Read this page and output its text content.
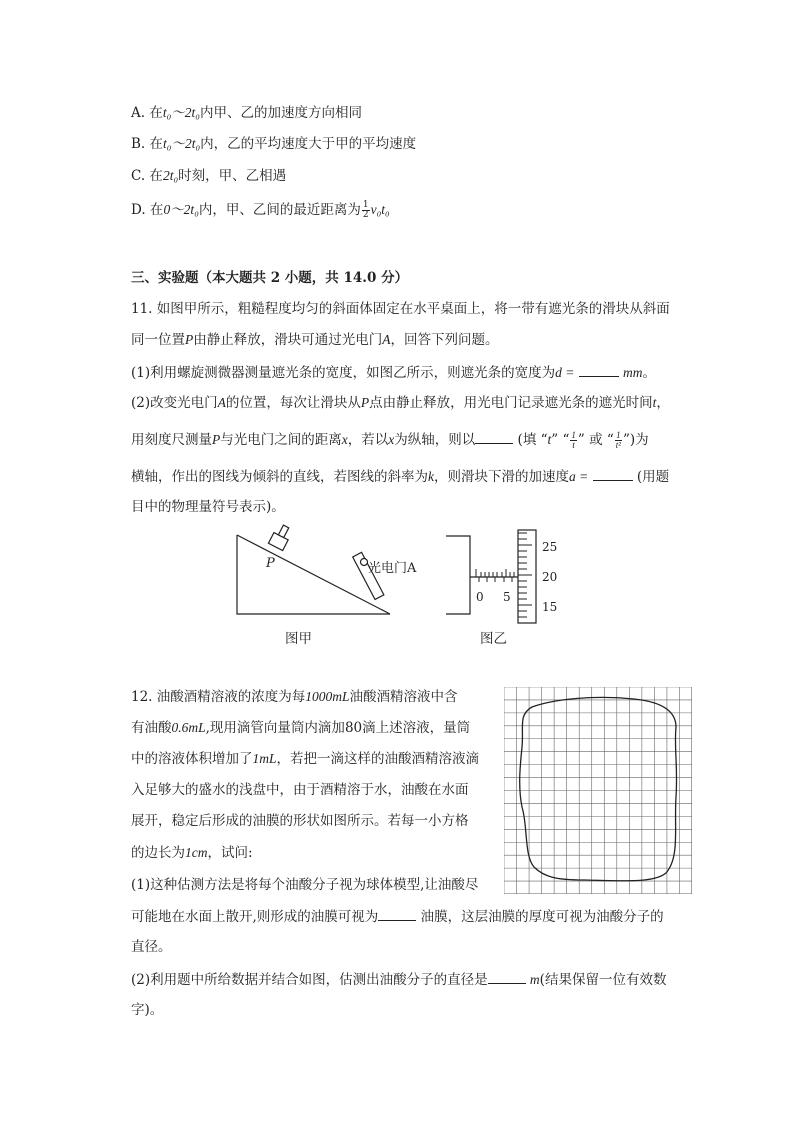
A. 在t₀～2t₀内甲、乙的加速度方向相同
B. 在t₀～2t₀内，乙的平均速度大于甲的平均速度
C. 在2t₀时刻，甲、乙相遇
D. 在0～2t₀内，甲、乙间的最近距离为 $\frac{1}{2} v_0t_0$
三、实验题（本大题共 2 小题，共 14.0 分）
11. 如图甲所示，粗糙程度均匀的斜面体固定在水平桌面上，将一带有遮光条的滑块从斜面
同一位置P由静止释放，滑块可通过光电门A，回答下列问题。
(1)利用螺旋测微器测量遮光条的宽度，如图乙所示，则遮光条的宽度为d =	mm。
(2)改变光电门A的位置，每次让滑块从P点由静止释放，用光电门记录遮光条的遮光时间t，
用刻度尺测量P与光电门之间的距离x，若以x为纵轴，则以	(填 “t” “ $\frac{1}{t}$ ” 或 “ $\frac{1}{\text{t²}}$ ”)为
横轴，作出的图线为倾斜的直线，若图线的斜率为k，则滑块下滑的加速度a =	(用题
目中的物理量符号表示)。
P	光电门A
图甲
0 5
25
20
15
图乙
12. 油酸酒精溶液的浓度为每1000mL油酸酒精溶液中含
有油酸0.6mL,现用滴管向量筒内滴加80滴上述溶液，量筒
中的溶液体积增加了1mL，若把一滴这样的油酸酒精溶液滴
入足够大的盛水的浅盘中，由于酒精溶于水，油酸在水面
展开，稳定后形成的油膜的形状如图所示。若每一小方格
的边长为1cm，试问:
(1)这种估测方法是将每个油酸分子视为球体模型,让油酸尽
可能地在水面上散开,则形成的油膜可视为	油膜，这层油膜的厚度可视为油酸分子的
直径。
(2)利用题中所给数据并结合如图，估测出油酸分子的直径是	m(结果保留一位有效数
字)。
